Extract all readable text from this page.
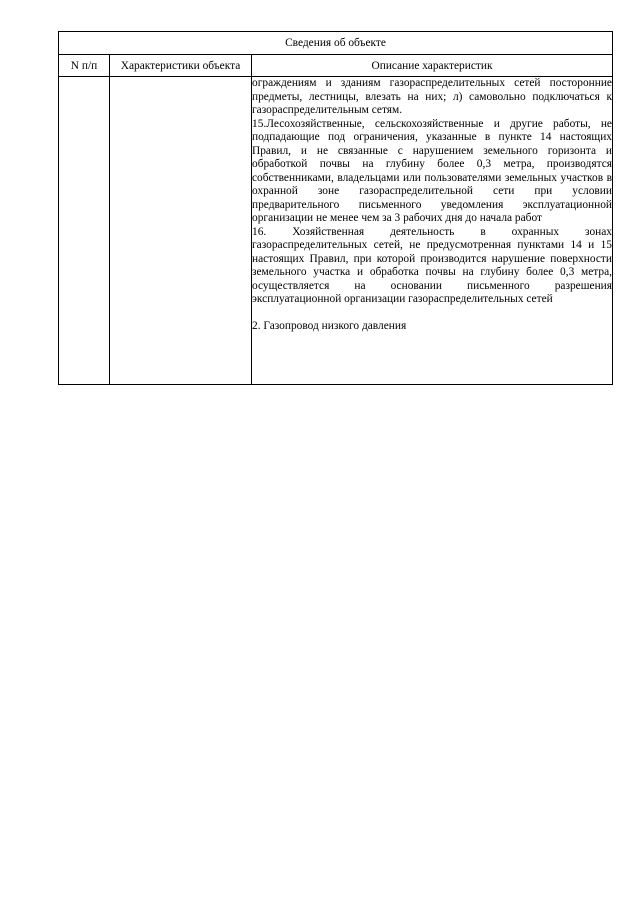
Сведения об объекте		
N п/п	Характеристики объекта	Описание характеристик

		ограждениям и зданиям газораспределительных сетей посторонние предметы, лестницы, влезать на них; л) самовольно подключаться к газораспределительным сетям.
15.Лесохозяйственные, сельскохозяйственные и другие работы, не подпадающие под ограничения, указанные в пункте 14 настоящих Правил, и не связанные с нарушением земельного горизонта и обработкой почвы на глубину более 0,3 метра, производятся собственниками, владельцами или пользователями земельных участков в охранной зоне газораспределительной сети при условии предварительного письменного уведомления эксплуатационной организации не менее чем за 3 рабочих дня до начала работ
16. Хозяйственная деятельность в охранных зонах газораспределительных сетей, не предусмотренная пунктами 14 и 15 настоящих Правил, при которой производится нарушение поверхности земельного участка и обработка почвы на глубину более 0,3 метра, осуществляется на основании письменного разрешения эксплуатационной организации газораспределительных сетей
2. Газопровод низкого давления
